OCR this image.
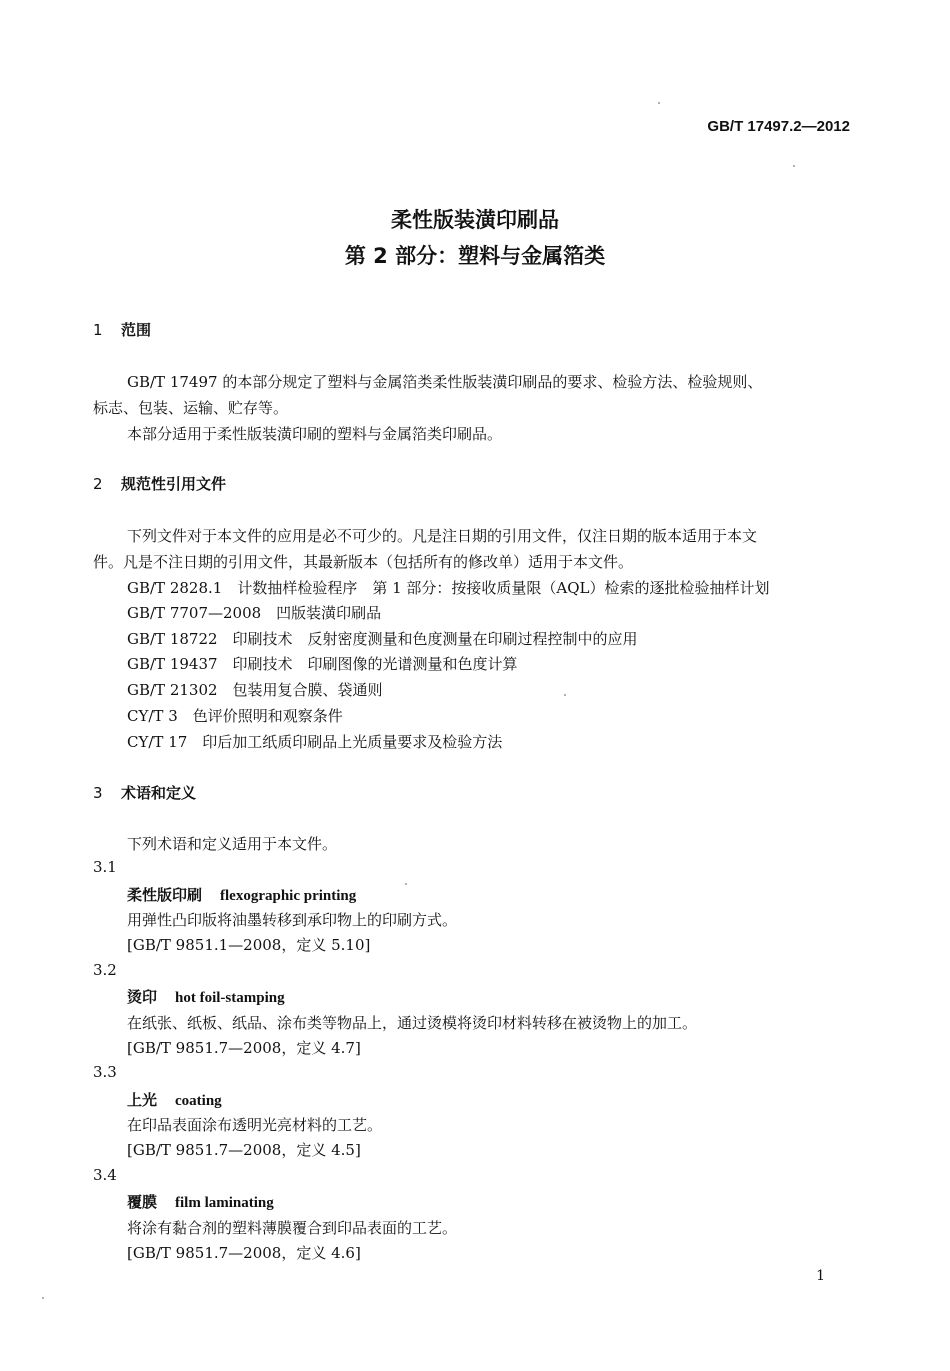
GB/T 17497.2—2012
柔性版装潢印刷品
第 2 部分：塑料与金属箔类
1 范围
GB/T 17497 的本部分规定了塑料与金属箔类柔性版装潢印刷品的要求、检验方法、检验规则、
标志、包装、运输、贮存等。
本部分适用于柔性版装潢印刷的塑料与金属箔类印刷品。
2 规范性引用文件
下列文件对于本文件的应用是必不可少的。凡是注日期的引用文件，仅注日期的版本适用于本文
件。凡是不注日期的引用文件，其最新版本（包括所有的修改单）适用于本文件。
GB/T 2828.1　计数抽样检验程序　第 1 部分：按接收质量限（AQL）检索的逐批检验抽样计划
GB/T 7707—2008　凹版装潢印刷品
GB/T 18722　印刷技术　反射密度测量和色度测量在印刷过程控制中的应用
GB/T 19437　印刷技术　印刷图像的光谱测量和色度计算
GB/T 21302　包装用复合膜、袋通则
CY/T 3　色评价照明和观察条件
CY/T 17　印后加工纸质印刷品上光质量要求及检验方法
3 术语和定义
下列术语和定义适用于本文件。
3.1
柔性版印刷 flexographic printing
用弹性凸印版将油墨转移到承印物上的印刷方式。
[GB/T 9851.1—2008，定义 5.10]
3.2
烫印 hot foil-stamping
在纸张、纸板、纸品、涂布类等物品上，通过烫模将烫印材料转移在被烫物上的加工。
[GB/T 9851.7—2008，定义 4.7]
3.3
上光 coating
在印品表面涂布透明光亮材料的工艺。
[GB/T 9851.7—2008，定义 4.5]
3.4
覆膜 film laminating
将涂有黏合剂的塑料薄膜覆合到印品表面的工艺。
[GB/T 9851.7—2008，定义 4.6]
1
